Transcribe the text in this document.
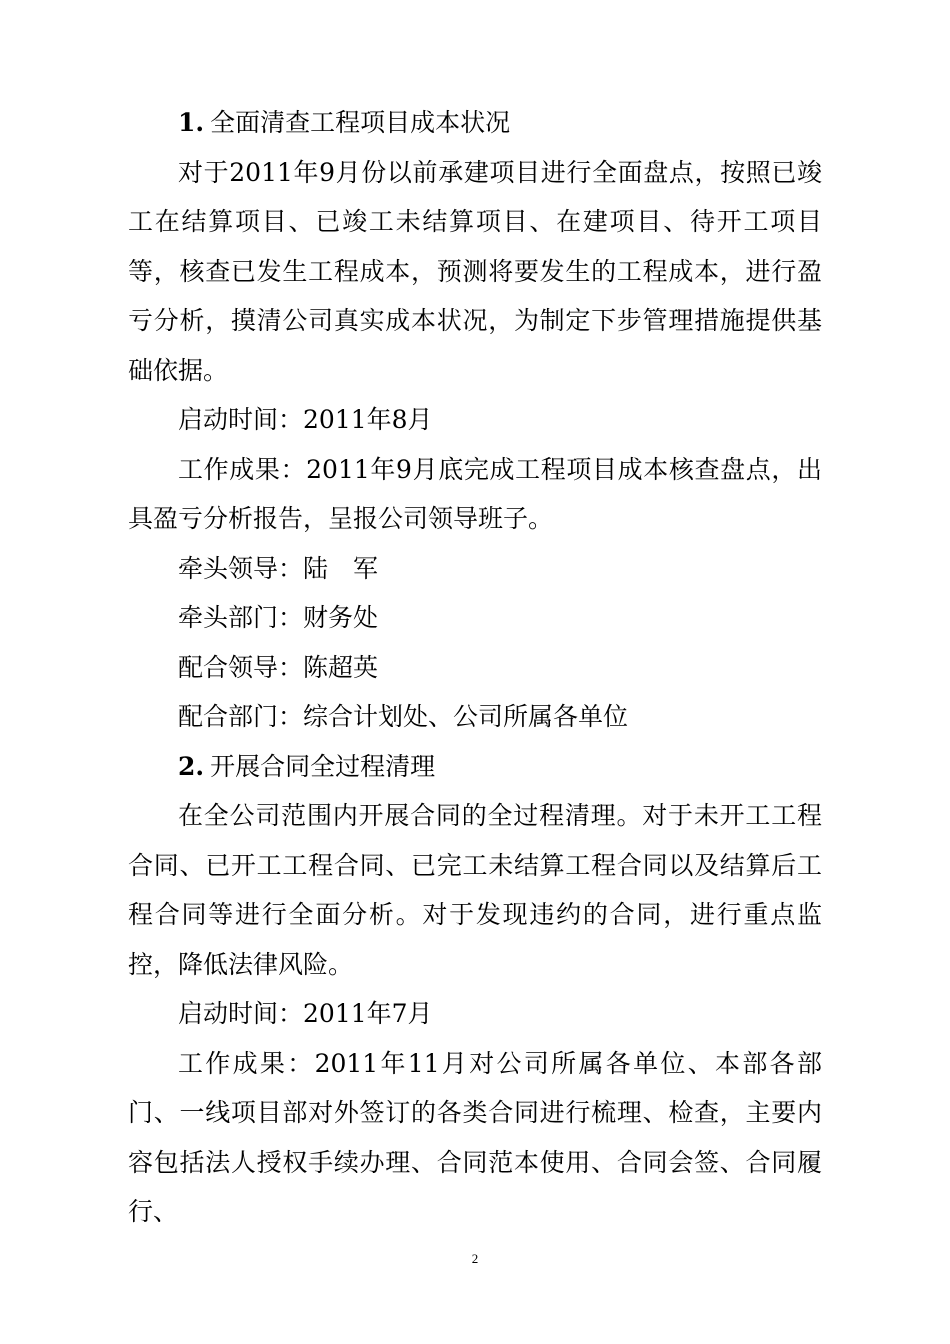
1. 全面清查工程项目成本状况

对于2011年9月份以前承建项目进行全面盘点，按照已竣工在结算项目、已竣工未结算项目、在建项目、待开工项目等，核查已发生工程成本，预测将要发生的工程成本，进行盈亏分析，摸清公司真实成本状况，为制定下步管理措施提供基础依据。

启动时间：2011年8月

工作成果：2011年9月底完成工程项目成本核查盘点，出具盈亏分析报告，呈报公司领导班子。

牵头领导：陆　军

牵头部门：财务处

配合领导：陈超英

配合部门：综合计划处、公司所属各单位

2. 开展合同全过程清理

在全公司范围内开展合同的全过程清理。对于未开工工程合同、已开工工程合同、已完工未结算工程合同以及结算后工程合同等进行全面分析。对于发现违约的合同，进行重点监控，降低法律风险。

启动时间：2011年7月

工作成果：2011年11月对公司所属各单位、本部各部门、一线项目部对外签订的各类合同进行梳理、检查，主要内容包括法人授权手续办理、合同范本使用、合同会签、合同履行、

2
